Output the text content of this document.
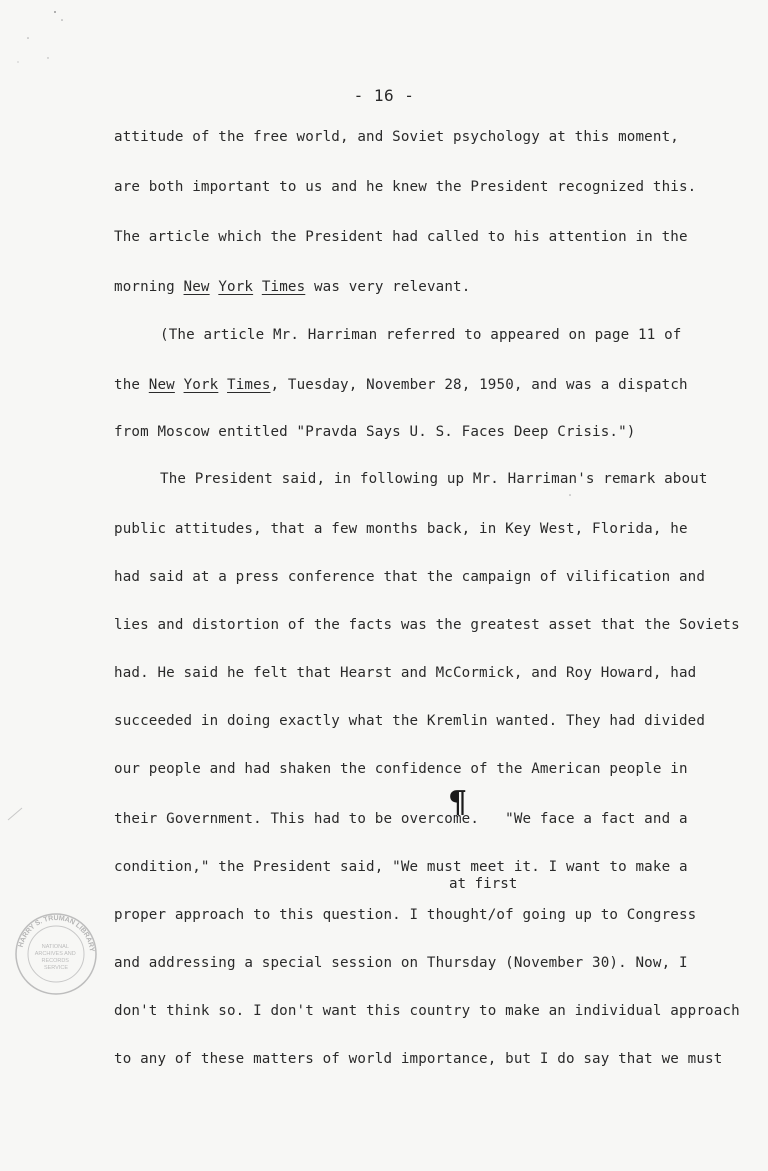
- 16 -
attitude of the free world, and Soviet psychology at this moment,
are both important to us and he knew the President recognized this.
The article which the President had called to his attention in the
morning New York Times was very relevant.
(The article Mr. Harriman referred to appeared on page 11 of
the New York Times, Tuesday, November 28, 1950, and was a dispatch
from Moscow entitled "Pravda Says U. S. Faces Deep Crisis.")
The President said, in following up Mr. Harriman's remark about
public attitudes, that a few months back, in Key West, Florida, he
had said at a press conference that the campaign of vilification and
lies and distortion of the facts was the greatest asset that the Soviets
had. He said he felt that Hearst and McCormick, and Roy Howard, had
succeeded in doing exactly what the Kremlin wanted. They had divided
our people and had shaken the confidence of the American people in
their Government. This had to be overcome.   "We face a fact and a
condition," the President said, "We must meet it. I want to make a
proper approach to this question. I thought/of going up to Congress
and addressing a special session on Thursday (November 30). Now, I
don't think so. I don't want this country to make an individual approach
to any of these matters of world importance, but I do say that we must
at first
¶
HARRY S. TRUMAN LIBRARY
NATIONAL ARCHIVES AND RECORDS SERVICE
